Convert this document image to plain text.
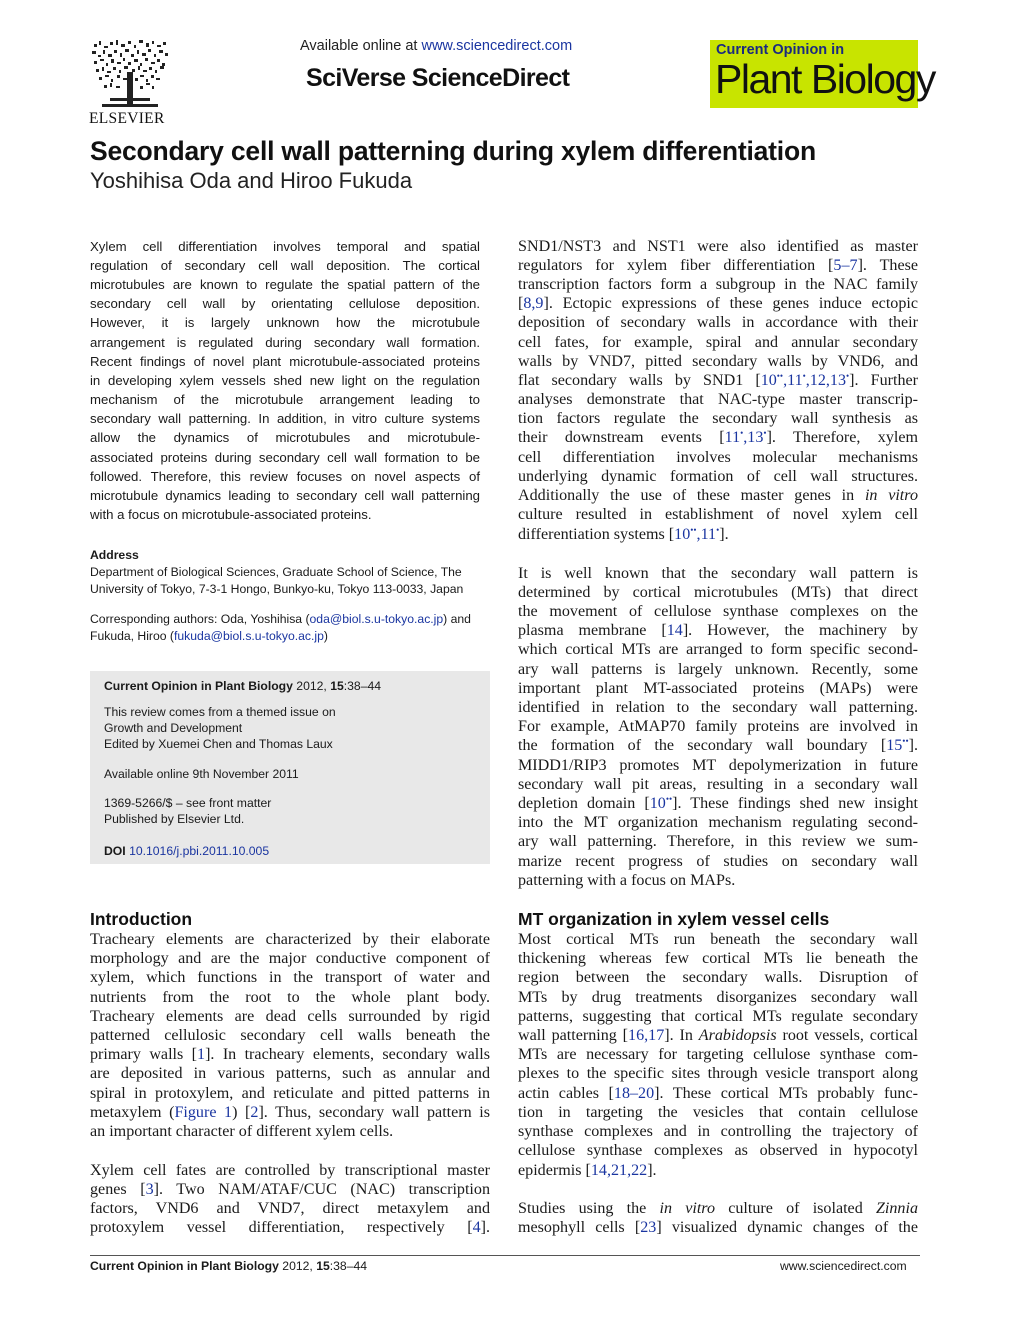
ELSEVIER
Available online at www.sciencedirect.com
SciVerse ScienceDirect
Current Opinion in
Plant Biology
Secondary cell wall patterning during xylem differentiation
Yoshihisa Oda and Hiroo Fukuda
Xylem cell differentiation involves temporal and spatial
regulation of secondary cell wall deposition. The cortical
microtubules are known to regulate the spatial pattern of the
secondary cell wall by orientating cellulose deposition.
However, it is largely unknown how the microtubule
arrangement is regulated during secondary wall formation.
Recent findings of novel plant microtubule-associated proteins
in developing xylem vessels shed new light on the regulation
mechanism of the microtubule arrangement leading to
secondary wall patterning. In addition, in vitro culture systems
allow the dynamics of microtubules and microtubule-
associated proteins during secondary cell wall formation to be
followed. Therefore, this review focuses on novel aspects of
microtubule dynamics leading to secondary cell wall patterning
with a focus on microtubule-associated proteins.
Address
Department of Biological Sciences, Graduate School of Science, The
University of Tokyo, 7-3-1 Hongo, Bunkyo-ku, Tokyo 113-0033, Japan
Corresponding authors: Oda, Yoshihisa (oda@biol.s.u-tokyo.ac.jp) and
Fukuda, Hiroo (fukuda@biol.s.u-tokyo.ac.jp)
Current Opinion in Plant Biology 2012, 15:38–44
This review comes from a themed issue on
Growth and Development
Edited by Xuemei Chen and Thomas Laux
Available online 9th November 2011
1369-5266/$ – see front matter
Published by Elsevier Ltd.
DOI 10.1016/j.pbi.2011.10.005
Introduction
Tracheary elements are characterized by their elaborate
morphology and are the major conductive component of
xylem, which functions in the transport of water and
nutrients from the root to the whole plant body.
Tracheary elements are dead cells surrounded by rigid
patterned cellulosic secondary cell walls beneath the
primary walls [1]. In tracheary elements, secondary walls
are deposited in various patterns, such as annular and
spiral in protoxylem, and reticulate and pitted patterns in
metaxylem (Figure 1) [2]. Thus, secondary wall pattern is
an important character of different xylem cells.
Xylem cell fates are controlled by transcriptional master
genes [3]. Two NAM/ATAF/CUC (NAC) transcription
factors, VND6 and VND7, direct metaxylem and
protoxylem vessel differentiation, respectively [4].
SND1/NST3 and NST1 were also identified as master
regulators for xylem fiber differentiation [5–7]. These
transcription factors form a subgroup in the NAC family
[8,9]. Ectopic expressions of these genes induce ectopic
deposition of secondary walls in accordance with their
cell fates, for example, spiral and annular secondary
walls by VND7, pitted secondary walls by VND6, and
flat secondary walls by SND1 [10••,11•,12,13•]. Further
analyses demonstrate that NAC-type master transcrip-
tion factors regulate the secondary wall synthesis as
their downstream events [11•,13•]. Therefore, xylem
cell differentiation involves molecular mechanisms
underlying dynamic formation of cell wall structures.
Additionally the use of these master genes in in vitro
culture resulted in establishment of novel xylem cell
differentiation systems [10••,11•].
It is well known that the secondary wall pattern is
determined by cortical microtubules (MTs) that direct
the movement of cellulose synthase complexes on the
plasma membrane [14]. However, the machinery by
which cortical MTs are arranged to form specific second-
ary wall patterns is largely unknown. Recently, some
important plant MT-associated proteins (MAPs) were
identified in relation to the secondary wall patterning.
For example, AtMAP70 family proteins are involved in
the formation of the secondary wall boundary [15••].
MIDD1/RIP3 promotes MT depolymerization in future
secondary wall pit areas, resulting in a secondary wall
depletion domain [10••]. These findings shed new insight
into the MT organization mechanism regulating second-
ary wall patterning. Therefore, in this review we sum-
marize recent progress of studies on secondary wall
patterning with a focus on MAPs.
MT organization in xylem vessel cells
Most cortical MTs run beneath the secondary wall
thickening whereas few cortical MTs lie beneath the
region between the secondary walls. Disruption of
MTs by drug treatments disorganizes secondary wall
patterns, suggesting that cortical MTs regulate secondary
wall patterning [16,17]. In Arabidopsis root vessels, cortical
MTs are necessary for targeting cellulose synthase com-
plexes to the specific sites through vesicle transport along
actin cables [18–20]. These cortical MTs probably func-
tion in targeting the vesicles that contain cellulose
synthase complexes and in controlling the trajectory of
cellulose synthase complexes as observed in hypocotyl
epidermis [14,21,22].
Studies using the in vitro culture of isolated Zinnia
mesophyll cells [23] visualized dynamic changes of the
Current Opinion in Plant Biology 2012, 15:38–44	www.sciencedirect.com
